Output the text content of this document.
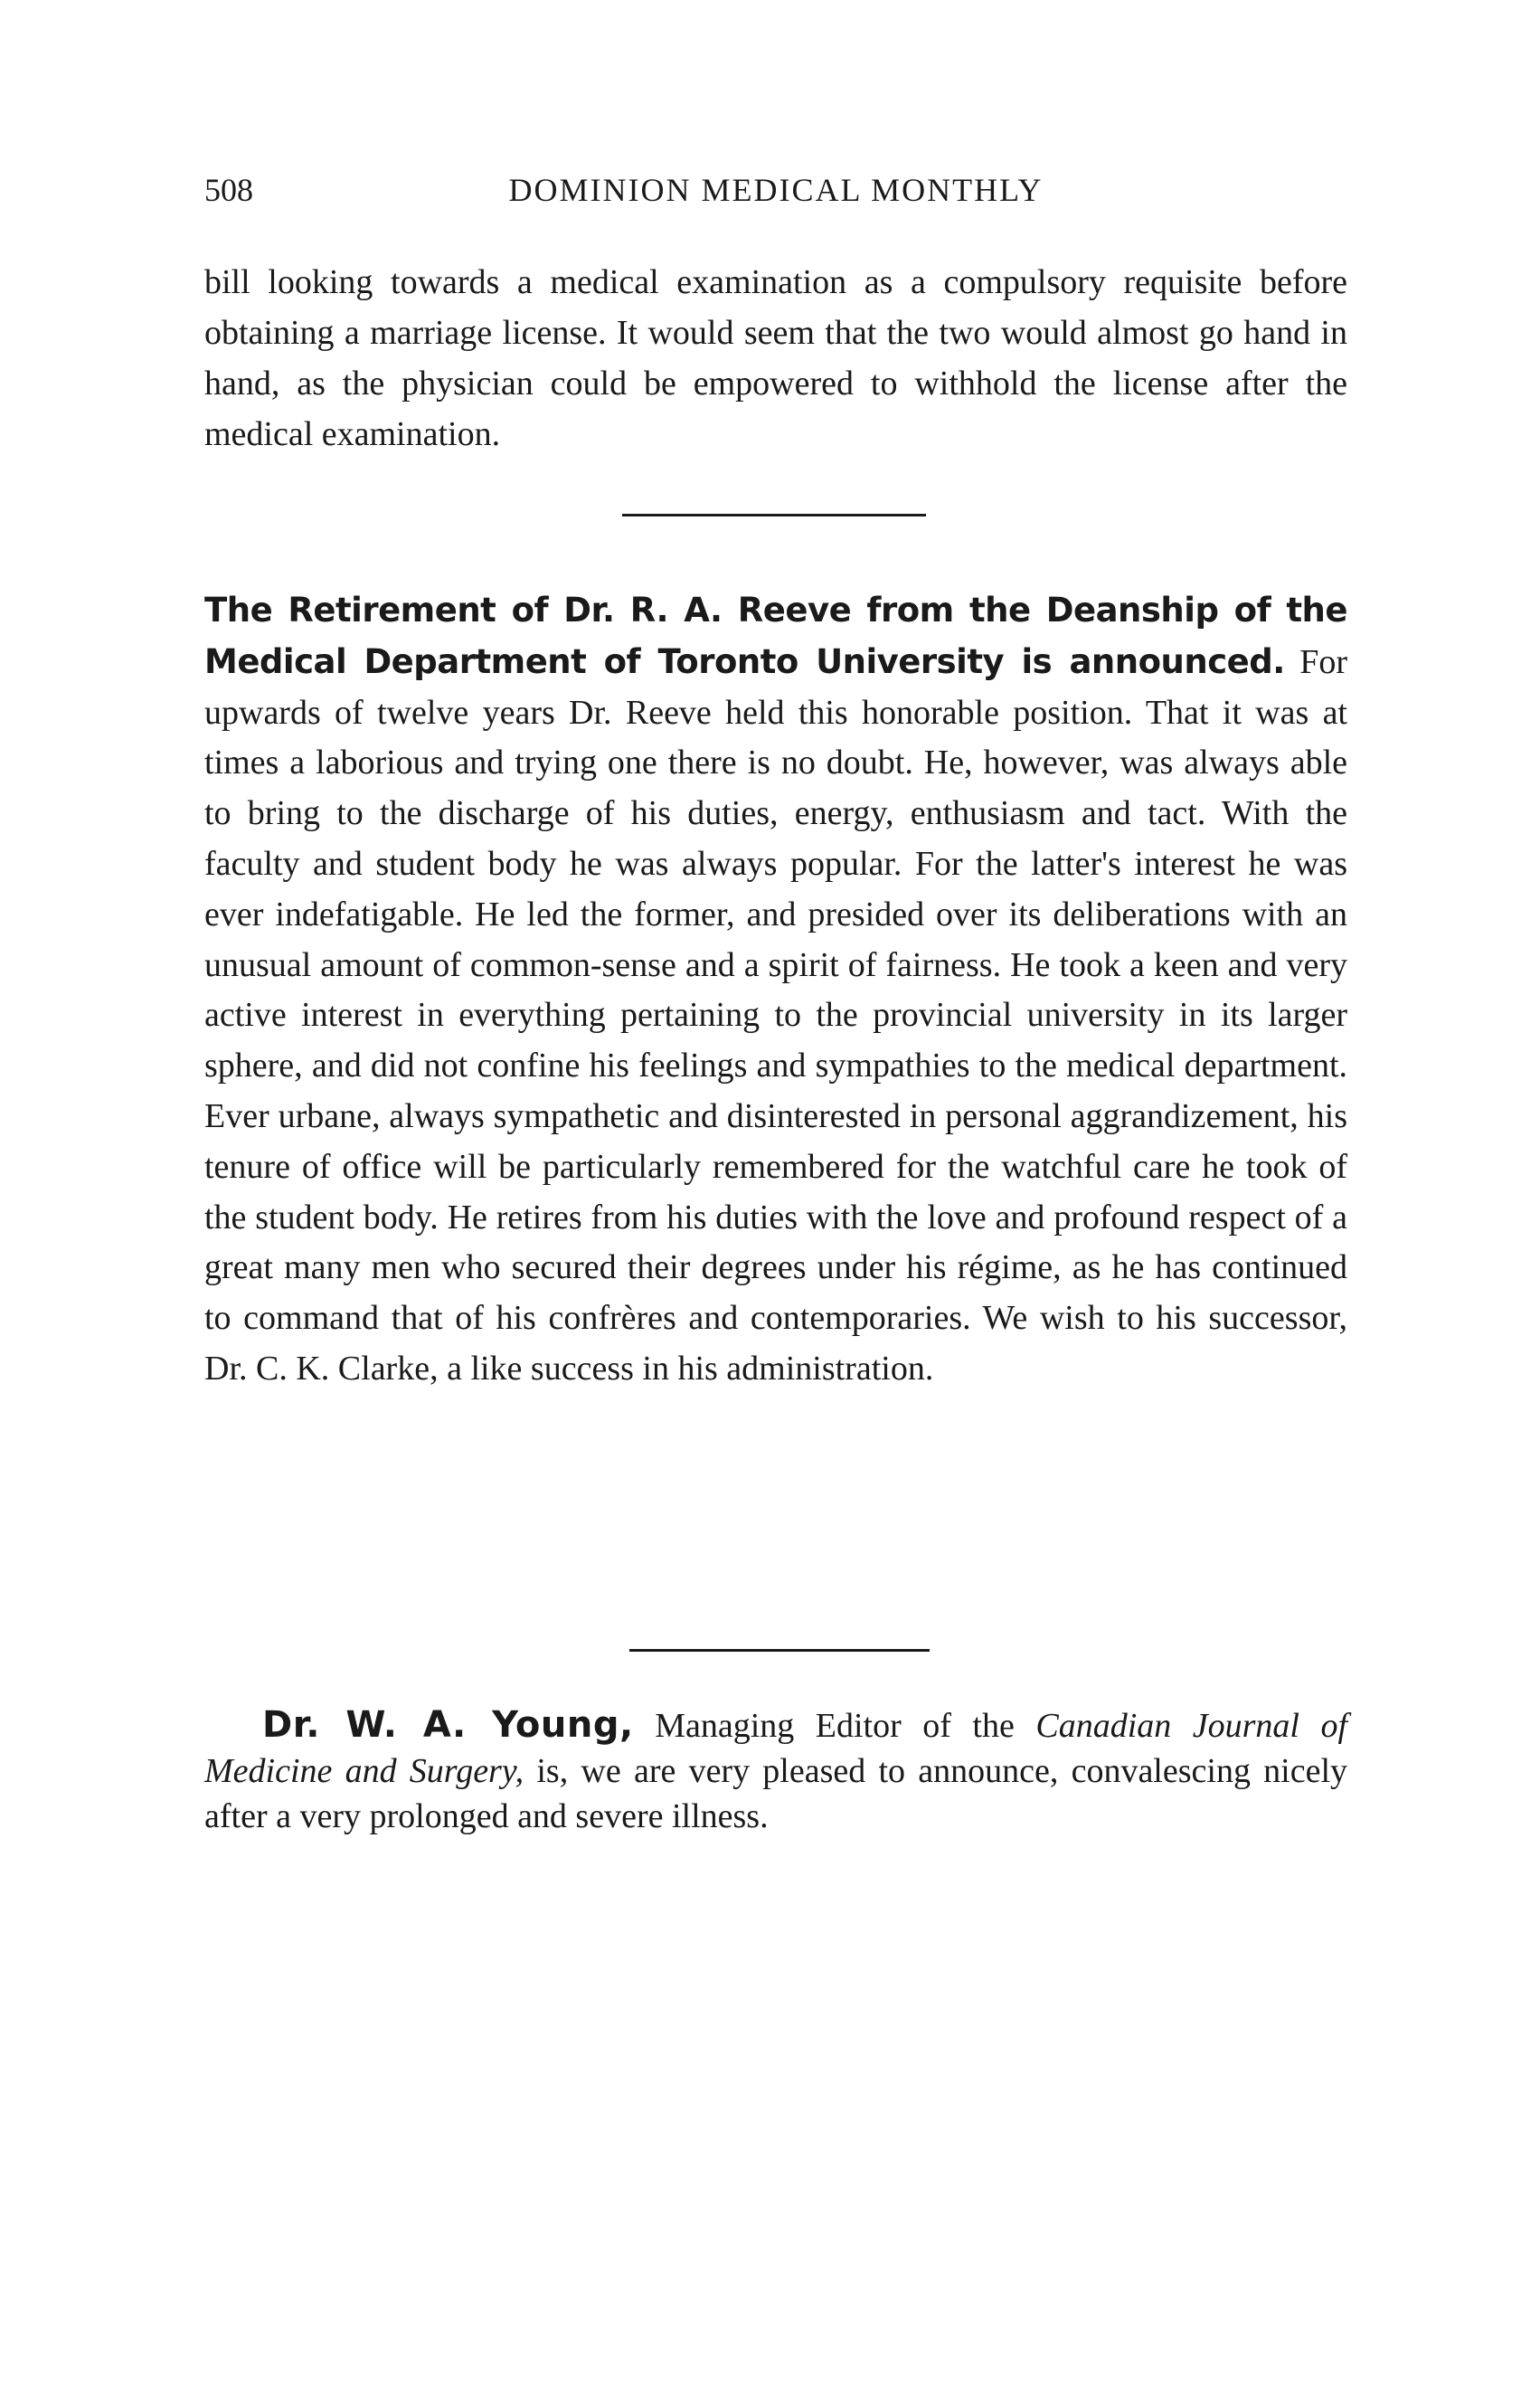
508	DOMINION MEDICAL MONTHLY
bill looking towards a medical examination as a compulsory requisite before obtaining a marriage license. It would seem that the two would almost go hand in hand, as the physician could be empowered to withhold the license after the medical examination.
The Retirement of Dr. R. A. Reeve from the Deanship of the Medical Department of Toronto University is announced. For upwards of twelve years Dr. Reeve held this honorable position. That it was at times a laborious and trying one there is no doubt. He, however, was always able to bring to the discharge of his duties, energy, enthusiasm and tact. With the faculty and student body he was always popular. For the latter's interest he was ever indefatigable. He led the former, and presided over its deliberations with an unusual amount of common-sense and a spirit of fairness. He took a keen and very active interest in everything pertaining to the provincial university in its larger sphere, and did not confine his feelings and sympathies to the medical department. Ever urbane, always sympathetic and disinterested in personal aggrandizement, his tenure of office will be particularly remembered for the watchful care he took of the student body. He retires from his duties with the love and profound respect of a great many men who secured their degrees under his régime, as he has continued to command that of his confrères and contemporaries. We wish to his successor, Dr. C. K. Clarke, a like success in his administration.
Dr. W. A. Young, Managing Editor of the Canadian Journal of Medicine and Surgery, is, we are very pleased to announce, convalescing nicely after a very prolonged and severe illness.
